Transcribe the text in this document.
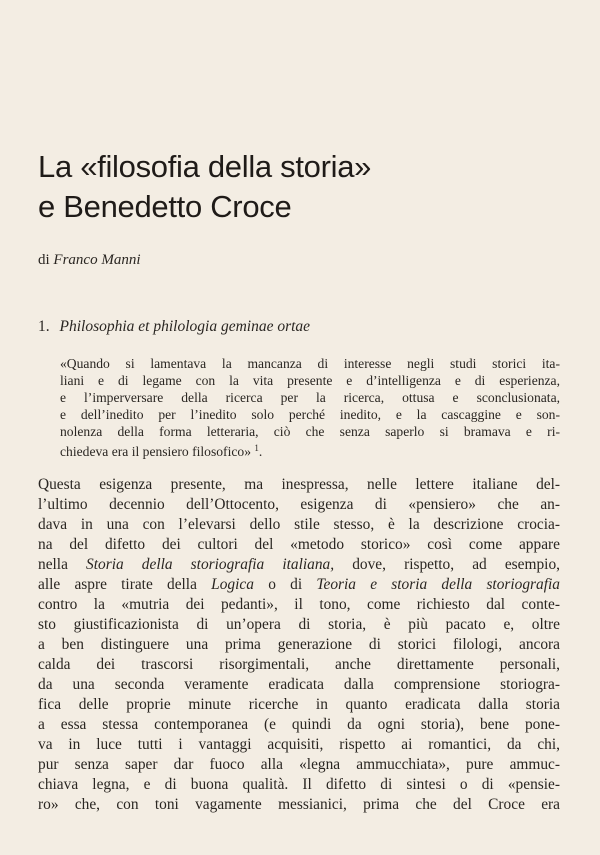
La «filosofia della storia»
e Benedetto Croce
di Franco Manni
1. Philosophia et philologia geminae ortae
«Quando si lamentava la mancanza di interesse negli studi storici ita-
liani e di legame con la vita presente e d’intelligenza e di esperienza,
e l’imperversare della ricerca per la ricerca, ottusa e sconclusionata,
e dell’inedito per l’inedito solo perché inedito, e la cascaggine e son-
nolenza della forma letteraria, ciò che senza saperlo si bramava e ri-
chiedeva era il pensiero filosofico» $^1$.
Questa esigenza presente, ma inespressa, nelle lettere italiane del-
l’ultimo decennio dell’Ottocento, esigenza di «pensiero» che an-
dava in una con l’elevarsi dello stile stesso, è la descrizione crocia-
na del difetto dei cultori del «metodo storico» così come appare
nella Storia della storiografia italiana, dove, rispetto, ad esempio,
alle aspre tirate della Logica o di Teoria e storia della storiografia
contro la «mutria dei pedanti», il tono, come richiesto dal conte-
sto giustificazionista di un’opera di storia, è più pacato e, oltre
a ben distinguere una prima generazione di storici filologi, ancora
calda dei trascorsi risorgimentali, anche direttamente personali,
da una seconda veramente eradicata dalla comprensione storiogra-
fica delle proprie minute ricerche in quanto eradicata dalla storia
a essa stessa contemporanea (e quindi da ogni storia), bene pone-
va in luce tutti i vantaggi acquisiti, rispetto ai romantici, da chi,
pur senza saper dar fuoco alla «legna ammucchiata», pure ammuc-
chiava legna, e di buona qualità. Il difetto di sintesi o di «pensie-
ro» che, con toni vagamente messianici, prima che del Croce era
